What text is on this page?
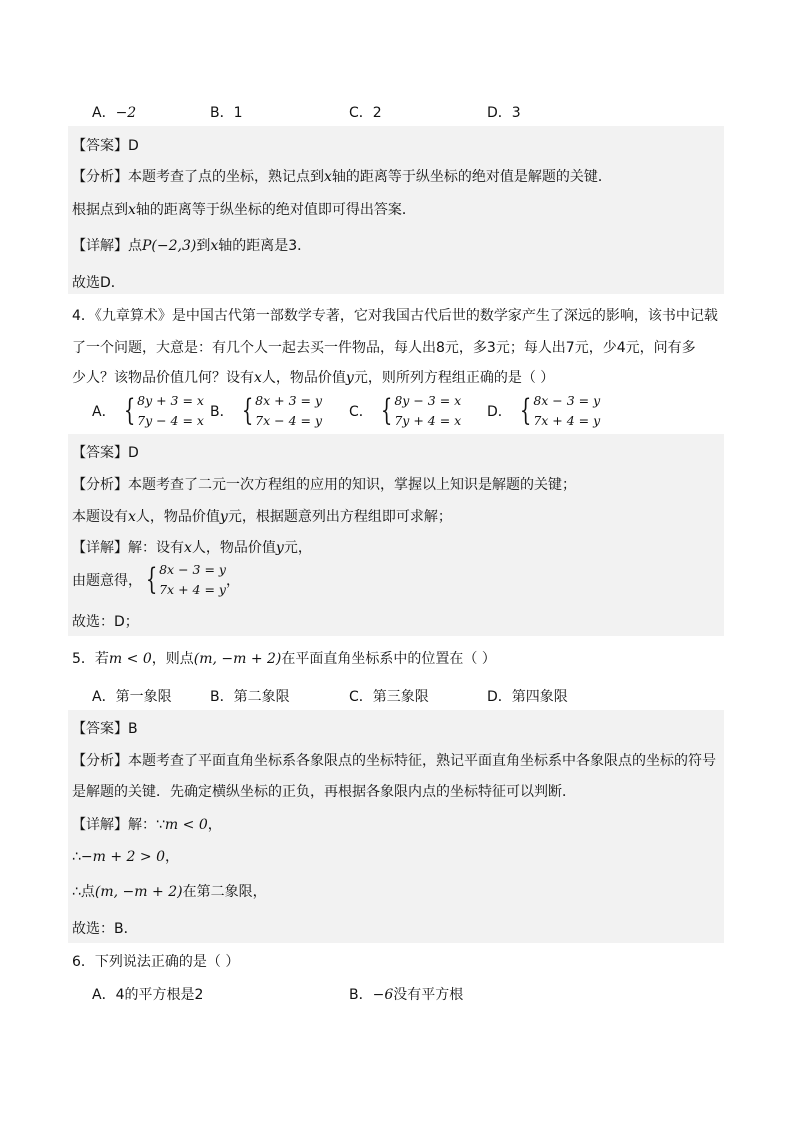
A．−2	B．1	C．2	D．3
【答案】D
【分析】本题考查了点的坐标，熟记点到x轴的距离等于纵坐标的绝对值是解题的关键．
根据点到x轴的距离等于纵坐标的绝对值即可得出答案．
【详解】点P(−2,3)到x轴的距离是3．
故选D．
4．《九章算术》是中国古代第一部数学专著，它对我国古代后世的数学家产生了深远的影响，该书中记载
了一个问题，大意是：有几个人一起去买一件物品，每人出8元，多3元；每人出7元，少4元，问有多
少人？该物品价值几何？设有x人，物品价值y元，则所列方程组正确的是（ ）
A． { 8y + 3 = x
7y − 4 = x
B． { 8x + 3 = y
7x − 4 = y
C． { 8y − 3 = x
7y + 4 = x
D． { 8x − 3 = y
7x + 4 = y
【答案】D
【分析】本题考查了二元一次方程组的应用的知识，掌握以上知识是解题的关键；
本题设有x人，物品价值y元，根据题意列出方程组即可求解；
【详解】解：设有x人，物品价值y元，
由题意得， { 8x − 3 = y
7x + 4 = y
，
故选：D；
5．若m < 0，则点(m, −m + 2)在平面直角坐标系中的位置在（ ）
A．第一象限	B．第二象限	C．第三象限	D．第四象限
【答案】B
【分析】本题考查了平面直角坐标系各象限点的坐标特征，熟记平面直角坐标系中各象限点的坐标的符号
是解题的关键．先确定横纵坐标的正负，再根据各象限内点的坐标特征可以判断．
【详解】解：∵m < 0，
∴−m + 2 > 0，
∴点(m, −m + 2)在第二象限，
故选：B．
6．下列说法正确的是（ ）
A．4的平方根是2	B．−6没有平方根
